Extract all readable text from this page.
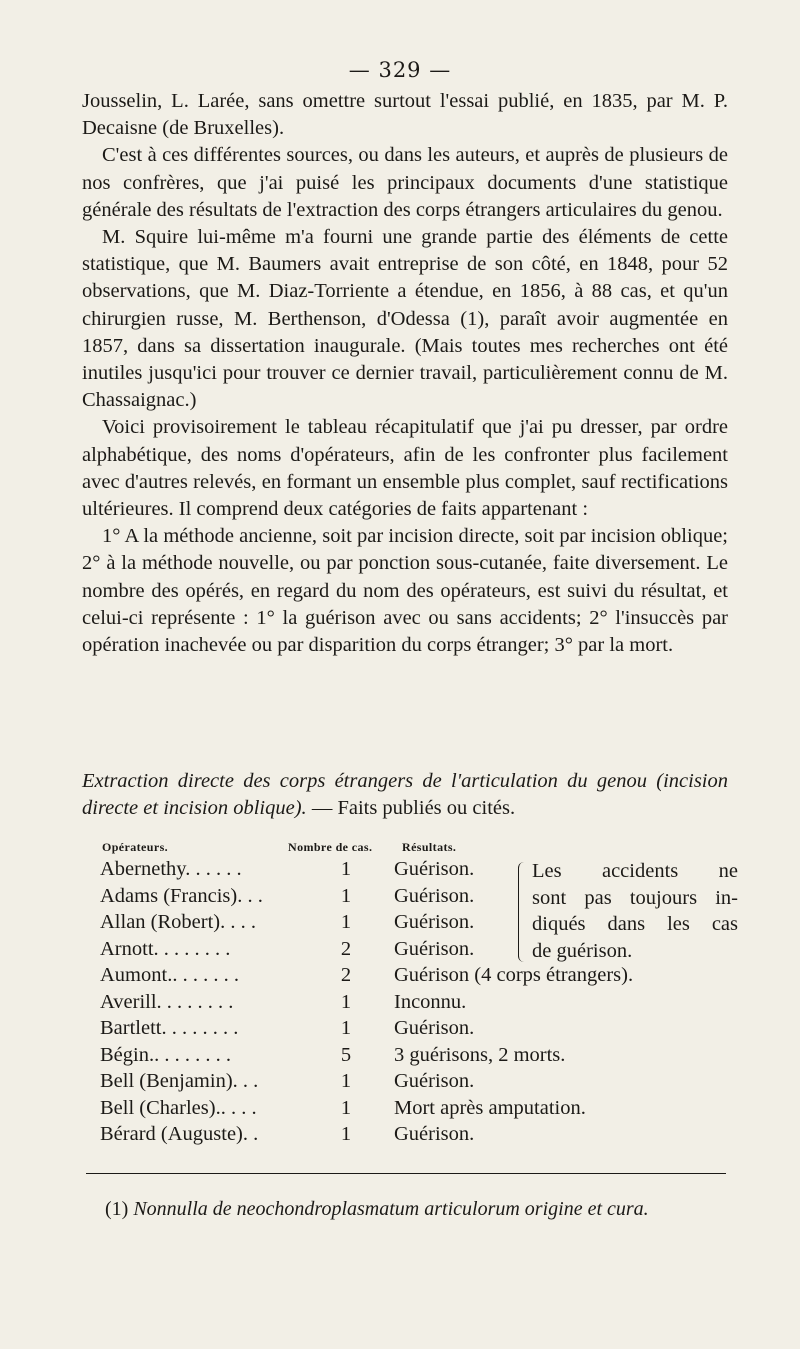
— 329 —

Jousselin, L. Larée, sans omettre surtout l'essai publié, en 1835, par M. P. Decaisne (de Bruxelles).

C'est à ces différentes sources, ou dans les auteurs, et auprès de plusieurs de nos confrères, que j'ai puisé les principaux documents d'une statistique générale des résultats de l'extraction des corps étrangers articulaires du genou.

M. Squire lui-même m'a fourni une grande partie des éléments de cette statistique, que M. Baumers avait entreprise de son côté, en 1848, pour 52 observations, que M. Diaz-Torriente a étendue, en 1856, à 88 cas, et qu'un chirurgien russe, M. Berthenson, d'Odessa (1), paraît avoir augmentée en 1857, dans sa dissertation inaugurale. (Mais toutes mes recherches ont été inutiles jusqu'ici pour trouver ce dernier travail, particulièrement connu de M. Chassaignac.)

Voici provisoirement le tableau récapitulatif que j'ai pu dresser, par ordre alphabétique, des noms d'opérateurs, afin de les confronter plus facilement avec d'autres relevés, en formant un ensemble plus complet, sauf rectifications ultérieures. Il comprend deux catégories de faits appartenant :

1° A la méthode ancienne, soit par incision directe, soit par incision oblique; 2° à la méthode nouvelle, ou par ponction sous-cutanée, faite diversement. Le nombre des opérés, en regard du nom des opérateurs, est suivi du résultat, et celui-ci représente : 1° la guérison avec ou sans accidents; 2° l'insuccès par opération inachevée ou par disparition du corps étranger; 3° par la mort.

Extraction directe des corps étrangers de l'articulation du genou (incision directe et incision oblique). — Faits publiés ou cités.
Opérateurs.	Nombre de cas. Résultats.
Abernethy. . . . . .	1 Guérison.
Adams (Francis). . .	1 Guérison.
Allan (Robert). . . .	1 Guérison.
Arnott. . . . . . . .	2 Guérison.
Aumont.. . . . . . .	2 Guérison (4 corps étrangers).
Averill. . . . . . . .	1 Inconnu.
Bartlett. . . . . . . .	1 Guérison.
Bégin.. . . . . . . .	5 3 guérisons, 2 morts.
Bell (Benjamin). . .	1 Guérison.
Bell (Charles).. . . .	1 Mort après amputation.
Bérard (Auguste). .	1 Guérison.
Les accidents ne
sont pas toujours in-
diqués dans les cas
de guérison.
(1) Nonnulla de neochondroplasmatum articulorum origine et cura.
